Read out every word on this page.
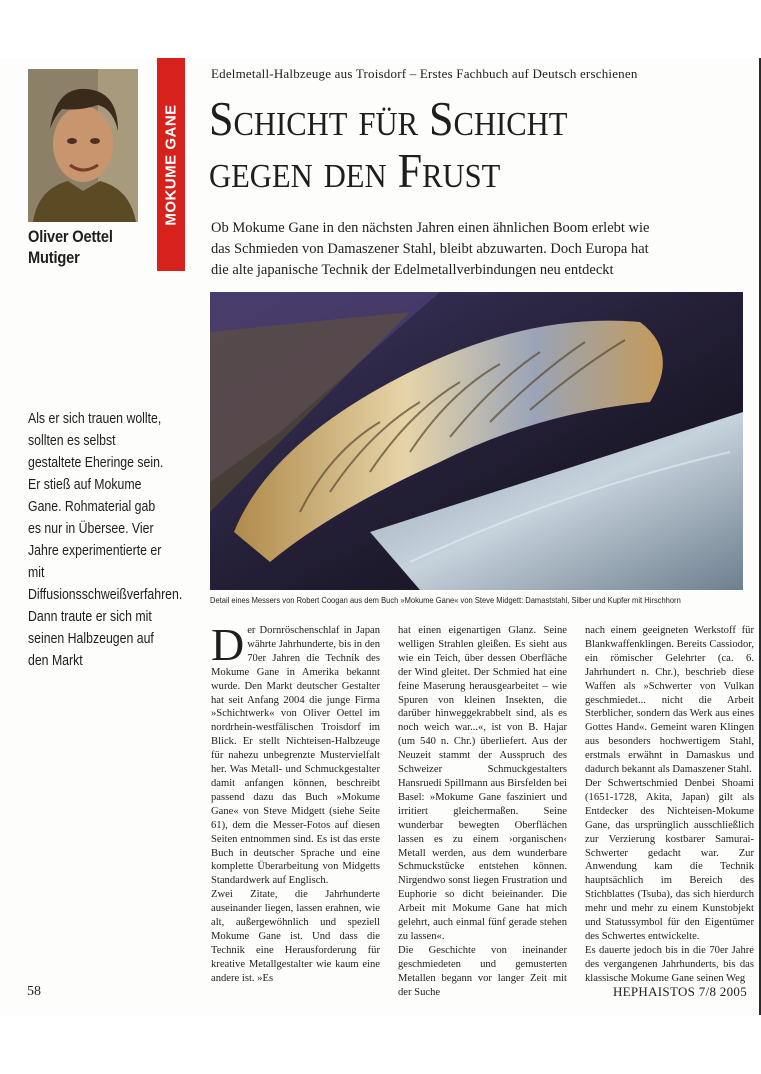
Oliver Oettel
Mutiger
MOKUME GANE
Edelmetall-Halbzeuge aus Troisdorf – Erstes Fachbuch auf Deutsch erschienen
Schicht für Schicht
gegen den Frust
Ob Mokume Gane in den nächsten Jahren einen ähnlichen Boom erlebt wie das Schmieden von Damaszener Stahl, bleibt abzuwarten. Doch Europa hat die alte japanische Technik der Edelmetallverbindungen neu entdeckt
Detail eines Messers von Robert Coogan aus dem Buch »Mokume Gane« von Steve Midgett: Damaststahl, Silber und Kupfer mit Hirschhorn
Als er sich trauen wollte, sollten es selbst gestaltete Eheringe sein. Er stieß auf Mokume Gane. Rohmaterial gab es nur in Übersee. Vier Jahre experimentierte er mit Diffusionsschweißverfahren. Dann traute er sich mit seinen Halbzeugen auf den Markt	Der Dornröschenschlaf in Japan währte Jahrhunderte, bis in den 70er Jahren die Technik des Mokume Gane in Amerika bekannt wurde. Den Markt deutscher Gestalter hat seit Anfang 2004 die junge Firma »Schichtwerk« von Oliver Oettel im nordrhein-westfälischen Troisdorf im Blick. Er stellt Nichteisen-Halbzeuge für nahezu unbegrenzte Mustervielfalt her. Was Metall- und Schmuckgestalter damit anfangen können, beschreibt passend dazu das Buch »Mokume Gane« von Steve Midgett (siehe Seite 61), dem die Messer-Fotos auf diesen Seiten entnommen sind. Es ist das erste Buch in deutscher Sprache und eine komplette Überarbeitung von Midgetts Standardwerk auf Englisch.

Zwei Zitate, die Jahrhunderte auseinander liegen, lassen erahnen, wie alt, außergewöhnlich und speziell Mokume Gane ist. Und dass die Technik eine Herausforderung für kreative Metallgestalter wie kaum eine andere ist. »Es

hat einen eigenartigen Glanz. Seine welligen Strahlen gleißen. Es sieht aus wie ein Teich, über dessen Oberfläche der Wind gleitet. Der Schmied hat eine feine Maserung herausgearbeitet – wie Spuren von kleinen Insekten, die darüber hinweggekrabbelt sind, als es noch weich war...«, ist von B. Hajar (um 540 n. Chr.) überliefert. Aus der Neuzeit stammt der Ausspruch des Schweizer Schmuckgestalters Hansruedi Spillmann aus Birsfelden bei Basel: »Mokume Gane fasziniert und irritiert gleichermaßen. Seine wunderbar bewegten Oberflächen lassen es zu einem ›organischen‹ Metall werden, aus dem wunderbare Schmuckstücke entstehen können. Nirgendwo sonst liegen Frustration und Euphorie so dicht beieinander. Die Arbeit mit Mokume Gane hat mich gelehrt, auch einmal fünf gerade stehen zu lassen«.

Die Geschichte von ineinander geschmiedeten und gemusterten Metallen begann vor langer Zeit mit der Suche

nach einem geeigneten Werkstoff für Blankwaffenklingen. Bereits Cassiodor, ein römischer Gelehrter (ca. 6. Jahrhundert n. Chr.), beschrieb diese Waffen als »Schwerter von Vulkan geschmiedet... nicht die Arbeit Sterblicher, sondern das Werk aus eines Gottes Hand«. Gemeint waren Klingen aus besonders hochwertigem Stahl, erstmals erwähnt in Damaskus und dadurch bekannt als Damaszener Stahl.

Der Schwertschmied Denbei Shoami (1651-1728, Akita, Japan) gilt als Entdecker des Nichteisen-Mokume Gane, das ursprünglich ausschließlich zur Verzierung kostbarer Samurai-Schwerter gedacht war. Zur Anwendung kam die Technik hauptsächlich im Bereich des Stichblattes (Tsuba), das sich hierdurch mehr und mehr zu einem Kunstobjekt und Statussymbol für den Eigentümer des Schwertes entwickelte.

Es dauerte jedoch bis in die 70er Jahre des vergangenen Jahrhunderts, bis das klassische Mokume Gane seinen Weg

58	HEPHAISTOS 7/8 2005
